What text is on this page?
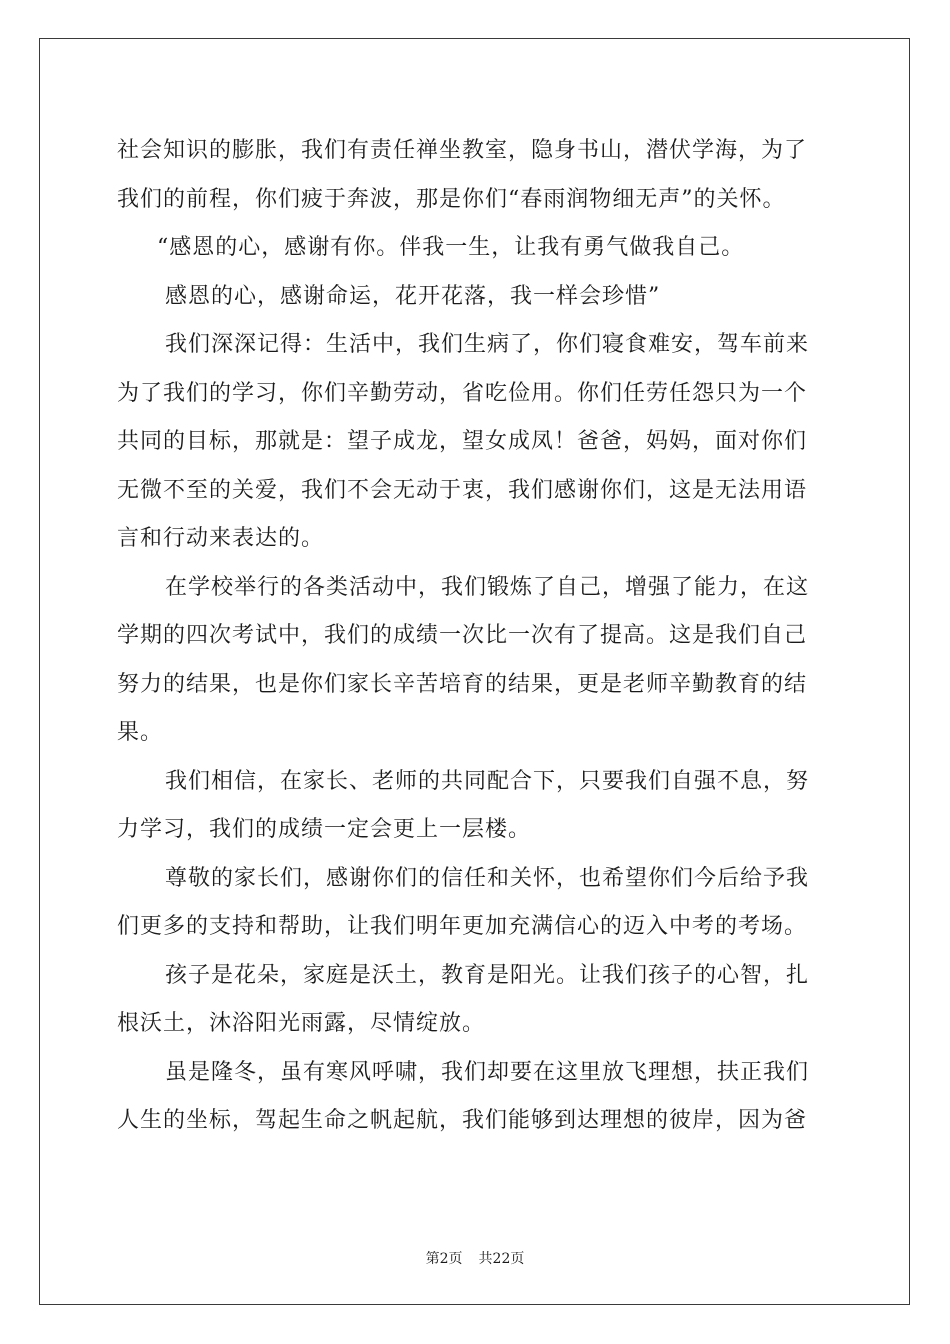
社会知识的膨胀，我们有责任禅坐教室，隐身书山，潜伏学海，为了
我们的前程，你们疲于奔波，那是你们“春雨润物细无声”的关怀。
“感恩的心，感谢有你。伴我一生，让我有勇气做我自己。
感恩的心，感谢命运，花开花落，我一样会珍惜”
我们深深记得：生活中，我们生病了，你们寝食难安，驾车前来
为了我们的学习，你们辛勤劳动，省吃俭用。你们任劳任怨只为一个
共同的目标，那就是：望子成龙，望女成凤！爸爸，妈妈，面对你们
无微不至的关爱，我们不会无动于衷，我们感谢你们，这是无法用语
言和行动来表达的。
在学校举行的各类活动中，我们锻炼了自己，增强了能力，在这
学期的四次考试中，我们的成绩一次比一次有了提高。这是我们自己
努力的结果，也是你们家长辛苦培育的结果，更是老师辛勤教育的结
果。
我们相信，在家长、老师的共同配合下，只要我们自强不息，努
力学习，我们的成绩一定会更上一层楼。
尊敬的家长们，感谢你们的信任和关怀，也希望你们今后给予我
们更多的支持和帮助，让我们明年更加充满信心的迈入中考的考场。
孩子是花朵，家庭是沃土，教育是阳光。让我们孩子的心智，扎
根沃土，沐浴阳光雨露，尽情绽放。
虽是隆冬，虽有寒风呼啸，我们却要在这里放飞理想，扶正我们
人生的坐标，驾起生命之帆起航，我们能够到达理想的彼岸，因为爸
第2页 共22页
